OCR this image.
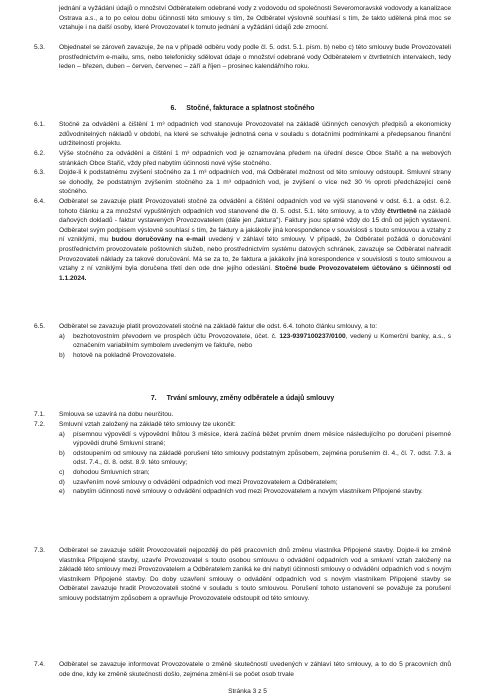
jednání a vyžádání údajů o množství Odběratelem odebrané vody z vodovodu od společnosti Severomoravské vodovody a kanalizace Ostrava a.s., a to po celou dobu účinnosti této smlouvy s tím, že Odběratel výslovně souhlasí s tím, že takto udělená plná moc se vztahuje i na další osoby, které Provozovatel k tomuto jednání a vyžádání údajů zde zmocní.
5.3.	Objednatel se zároveň zavazuje, že na v případě odběru vody podle čl. 5. odst. 5.1. písm. b) nebo c) této smlouvy bude Provozovateli prostřednictvím e-mailu, sms, nebo telefonicky sdělovat údaje o množství odebrané vody Odběratelem v čtvrtletních intervalech, tedy leden – březen, duben – červen, červenec – září a říjen – prosinec kalendářního roku.
6. Stočné, fakturace a splatnost stočného
6.1.	Stočné za odvádění a čištění 1 m³ odpadních vod stanovuje Provozovatel na základě účinných cenových předpisů a ekonomicky zdůvodnitelných nákladů v období, na které se schvaluje jednotná cena v souladu s dotačními podmínkami a předepsanou finanční udržitelností projektu.
6.2.	Výše stočného za odvádění a čištění 1 m³ odpadních vod je oznamována předem na úřední desce Obce Stařič a na webových stránkách Obce Stařič, vždy před nabytím účinnosti nové výše stočného.
6.3.	Dojde-li k podstatnému zvýšení stočného za 1 m³ odpadních vod, má Odběratel možnost od této smlouvy odstoupit. Smluvní strany se dohodly, že podstatným zvýšením stočného za 1 m³ odpadních vod, je zvýšení o více než 30 % oproti předcházející ceně stočného.
6.4.	Odběratel se zavazuje platit Provozovateli stočné za odvádění a čištění odpadních vod ve výši stanovené v odst. 6.1. a odst. 6.2. tohoto článku a za množství vypuštěných odpadních vod stanovené dle čl. 5. odst. 5.1. této smlouvy, a to vždy čtvrtletně na základě daňových dokladů - faktur vystavených Provozovatelem (dále jen „faktura"). Faktury jsou splatné vždy do 15 dnů od jejich vystavení. Odběratel svým podpisem výslovně souhlasí s tím, že faktury a jakákoliv jiná korespondence v souvislosti s touto smlouvou a vztahy z ní vzniklými, mu budou doručovány na e-mail uvedený v záhlaví této smlouvy. V případě, že Odběratel požádá o doručování prostřednictvím provozovatele poštovních služeb, nebo prostřednictvím systému datových schránek, zavazuje se Odběratel nahradit Provozovateli náklady za takové doručování. Má se za to, že faktura a jakákoliv jiná korespondence v souvislosti s touto smlouvou a vztahy z ní vzniklými byla doručena třetí den ode dne jejího odeslání. Stočné bude Provozovatelem účtováno s účinností od 1.1.2024.
6.5.	Odběratel se zavazuje platit provozovateli stočné na základě faktur dle odst. 6.4. tohoto článku smlouvy, a to:
a)	bezhotovostním převodem ve prospěch účtu Provozovatele, účet. č. 123-9397100237/0100, vedený u Komerční banky, a.s., s označením variabilním symbolem uvedeným ve faktuře, nebo
b)	hotově na pokladně Provozovatele.
7. Trvání smlouvy, změny odběratele a údajů smlouvy
7.1.	Smlouva se uzavírá na dobu neurčitou.
7.2.	Smluvní vztah založený na základě této smlouvy lze ukončit:
a)	písemnou výpovědí s výpovědní lhůtou 3 měsíce, která začíná běžet prvním dnem měsíce následujícího po doručení písemné výpovědi druhé Smluvní straně;
b)	odstoupením od smlouvy na základě porušení této smlouvy podstatným způsobem, zejména porušením čl. 4., čl. 7. odst. 7.3. a odst. 7.4., čl. 8. odst. 8.9. této smlouvy;
c)	dohodou Smluvních stran;
d)	uzavřením nové smlouvy o odvádění odpadních vod mezi Provozovatelem a Odběratelem;
e)	nabytím účinnosti nové smlouvy o odvádění odpadních vod mezi Provozovatelem a novým vlastníkem Připojené stavby.
7.3.	Odběratel se zavazuje sdělit Provozovateli nejpozději do pěti pracovních dnů změnu vlastníka Připojené stavby. Dojde-li ke změně vlastníka Připojené stavby, uzavře Provozovatel s touto osobou smlouvu o odvádění odpadních vod a smluvní vztah založený na základě této smlouvy mezi Provozovatelem a Odběratelem zaniká ke dni nabytí účinnosti smlouvy o odvádění odpadních vod s novým vlastníkem Připojené stavby. Do doby uzavření smlouvy o odvádění odpadních vod s novým vlastníkem Připojené stavby se Odběratel zavazuje hradit Provozovateli stočné v souladu s touto smlouvou. Porušení tohoto ustanovení se považuje za porušení smlouvy podstatným způsobem a opravňuje Provozovatele odstoupit od této smlouvy.
7.4.	Odběratel se zavazuje informovat Provozovatele o změně skutečností uvedených v záhlaví této smlouvy, a to do 5 pracovních dnů ode dne, kdy ke změně skutečnosti došlo, zejména změní-li se počet osob trvale
Stránka 3 z 5
